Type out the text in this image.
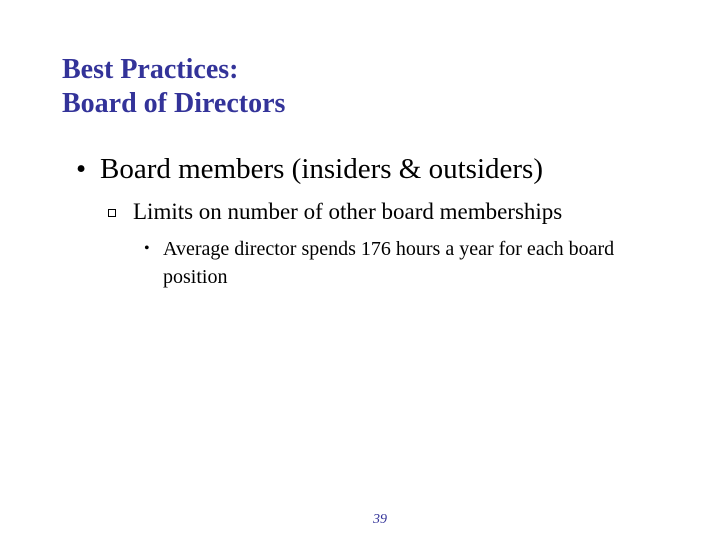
Best Practices:
Board of Directors
• Board members (insiders & outsiders)
Limits on number of other board memberships
• Average director spends 176 hours a year for each board position
39
